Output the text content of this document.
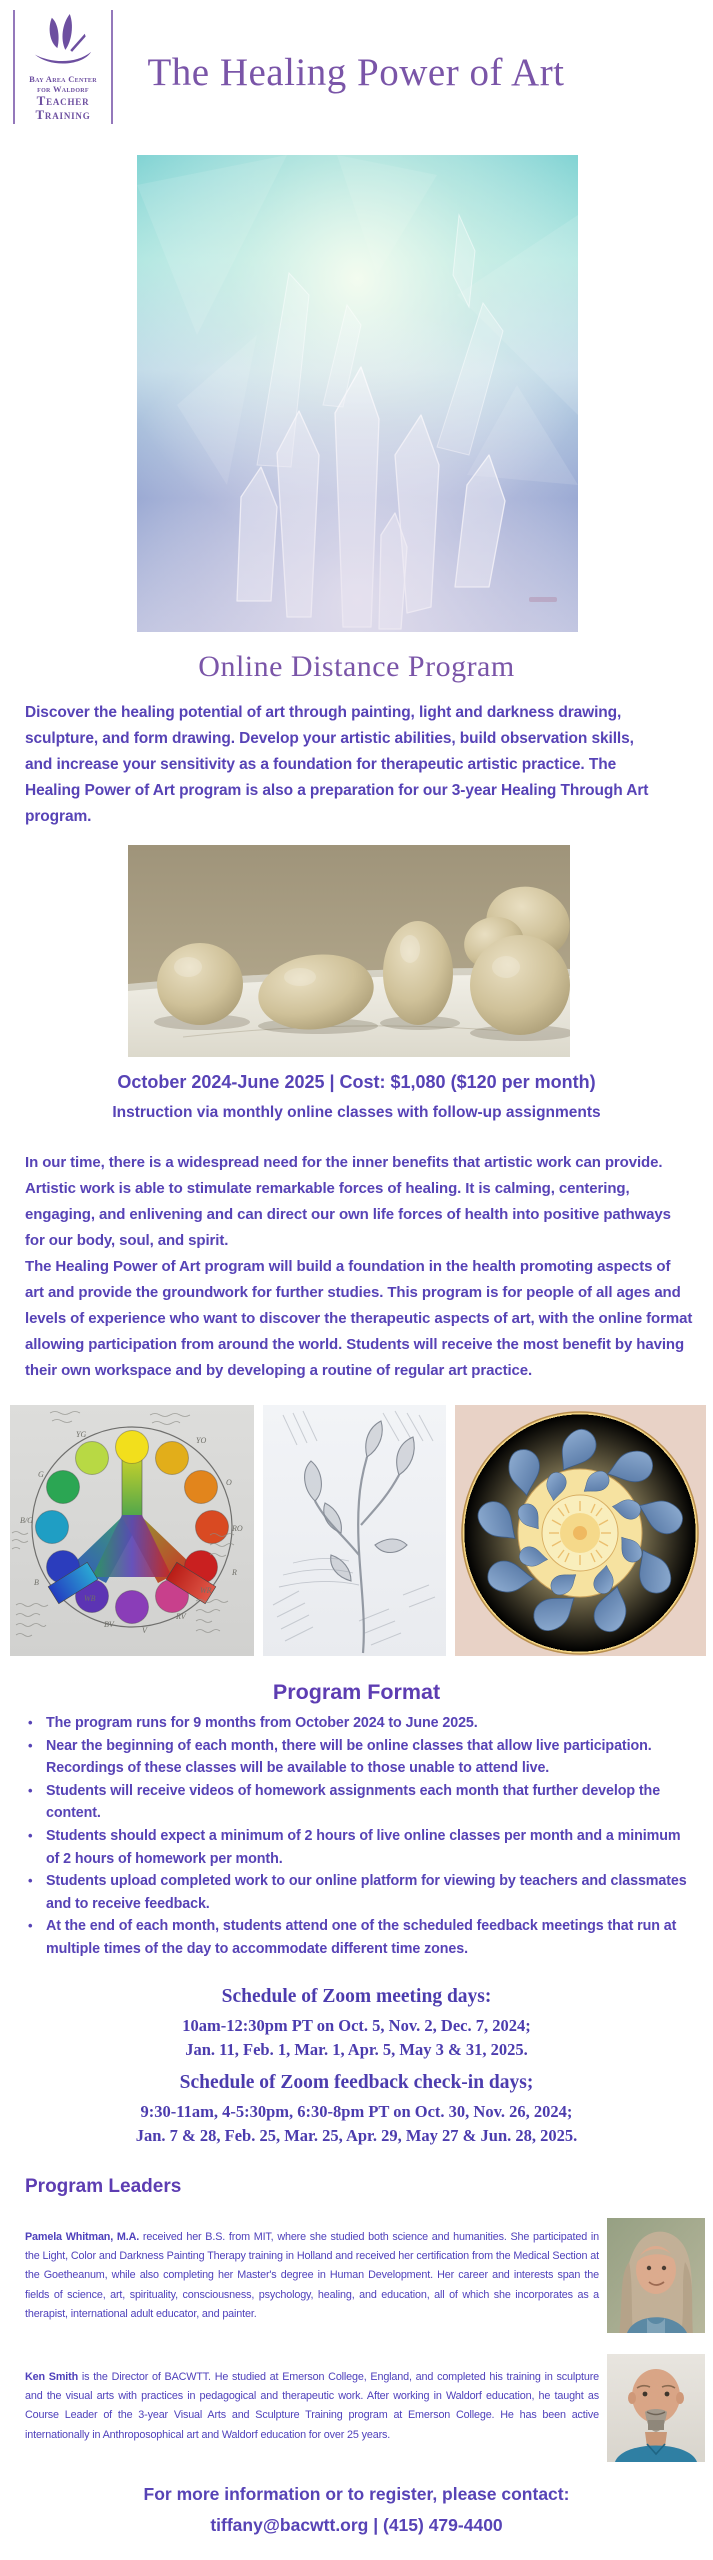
Bay Area Center
for Waldorf
Teacher
Training
The Healing Power of Art
Online Distance Program
Discover the healing potential of art through painting, light and darkness drawing, sculpture, and form drawing. Develop your artistic abilities, build observation skills, and increase your sensitivity as a foundation for therapeutic artistic practice. The Healing Power of Art program is also a preparation for our 3-year Healing Through Art program.
October 2024-June 2025 | Cost: $1,080 ($120 per month)
Instruction via monthly online classes with follow-up assignments

In our time, there is a widespread need for the inner benefits that artistic work can provide. Artistic work is able to stimulate remarkable forces of healing. It is calming, centering, engaging, and enlivening and can direct our own life forces of health into positive pathways for our body, soul, and spirit.

The Healing Power of Art program will build a foundation in the health promoting aspects of art and provide the groundwork for further studies. This program is for people of all ages and levels of experience who want to discover the therapeutic aspects of art, with the online format allowing participation from around the world. Students will receive the most benefit by having their own workspace and by developing a routine of regular art practice.

YG
G
B/G
B
WB
BV
V
RV
R
WR
RO
O
YO
Program Format
• The program runs for 9 months from October 2024 to June 2025.
• Near the beginning of each month, there will be online classes that allow live participation. Recordings of these classes will be available to those unable to attend live.
• Students will receive videos of homework assignments each month that further develop the content.
• Students should expect a minimum of 2 hours of live online classes per month and a minimum of 2 hours of homework per month.
• Students upload completed work to our online platform for viewing by teachers and classmates and to receive feedback.
• At the end of each month, students attend one of the scheduled feedback meetings that run at multiple times of the day to accommodate different time zones.
Schedule of Zoom meeting days:
10am-12:30pm PT on Oct. 5, Nov. 2, Dec. 7, 2024;
Jan. 11, Feb. 1, Mar. 1, Apr. 5, May 3 & 31, 2025.
Schedule of Zoom feedback check-in days;
9:30-11am, 4-5:30pm, 6:30-8pm PT on Oct. 30, Nov. 26, 2024;
Jan. 7 & 28, Feb. 25, Mar. 25, Apr. 29, May 27 & Jun. 28, 2025.
Program Leaders
Pamela Whitman, M.A. received her B.S. from MIT, where she studied both science and humanities. She participated in the Light, Color and Darkness Painting Therapy training in Holland and received her certification from the Medical Section at the Goetheanum, while also completing her Master's degree in Human Development. Her career and interests span the fields of science, art, spirituality, consciousness, psychology, healing, and education, all of which she incorporates as a therapist, international adult educator, and painter.
Ken Smith is the Director of BACWTT. He studied at Emerson College, England, and completed his training in sculpture and the visual arts with practices in pedagogical and therapeutic work. After working in Waldorf education, he taught as Course Leader of the 3-year Visual Arts and Sculpture Training program at Emerson College. He has been active internationally in Anthroposophical art and Waldorf education for over 25 years.
For more information or to register, please contact:
tiffany@bacwtt.org | (415) 479-4400
